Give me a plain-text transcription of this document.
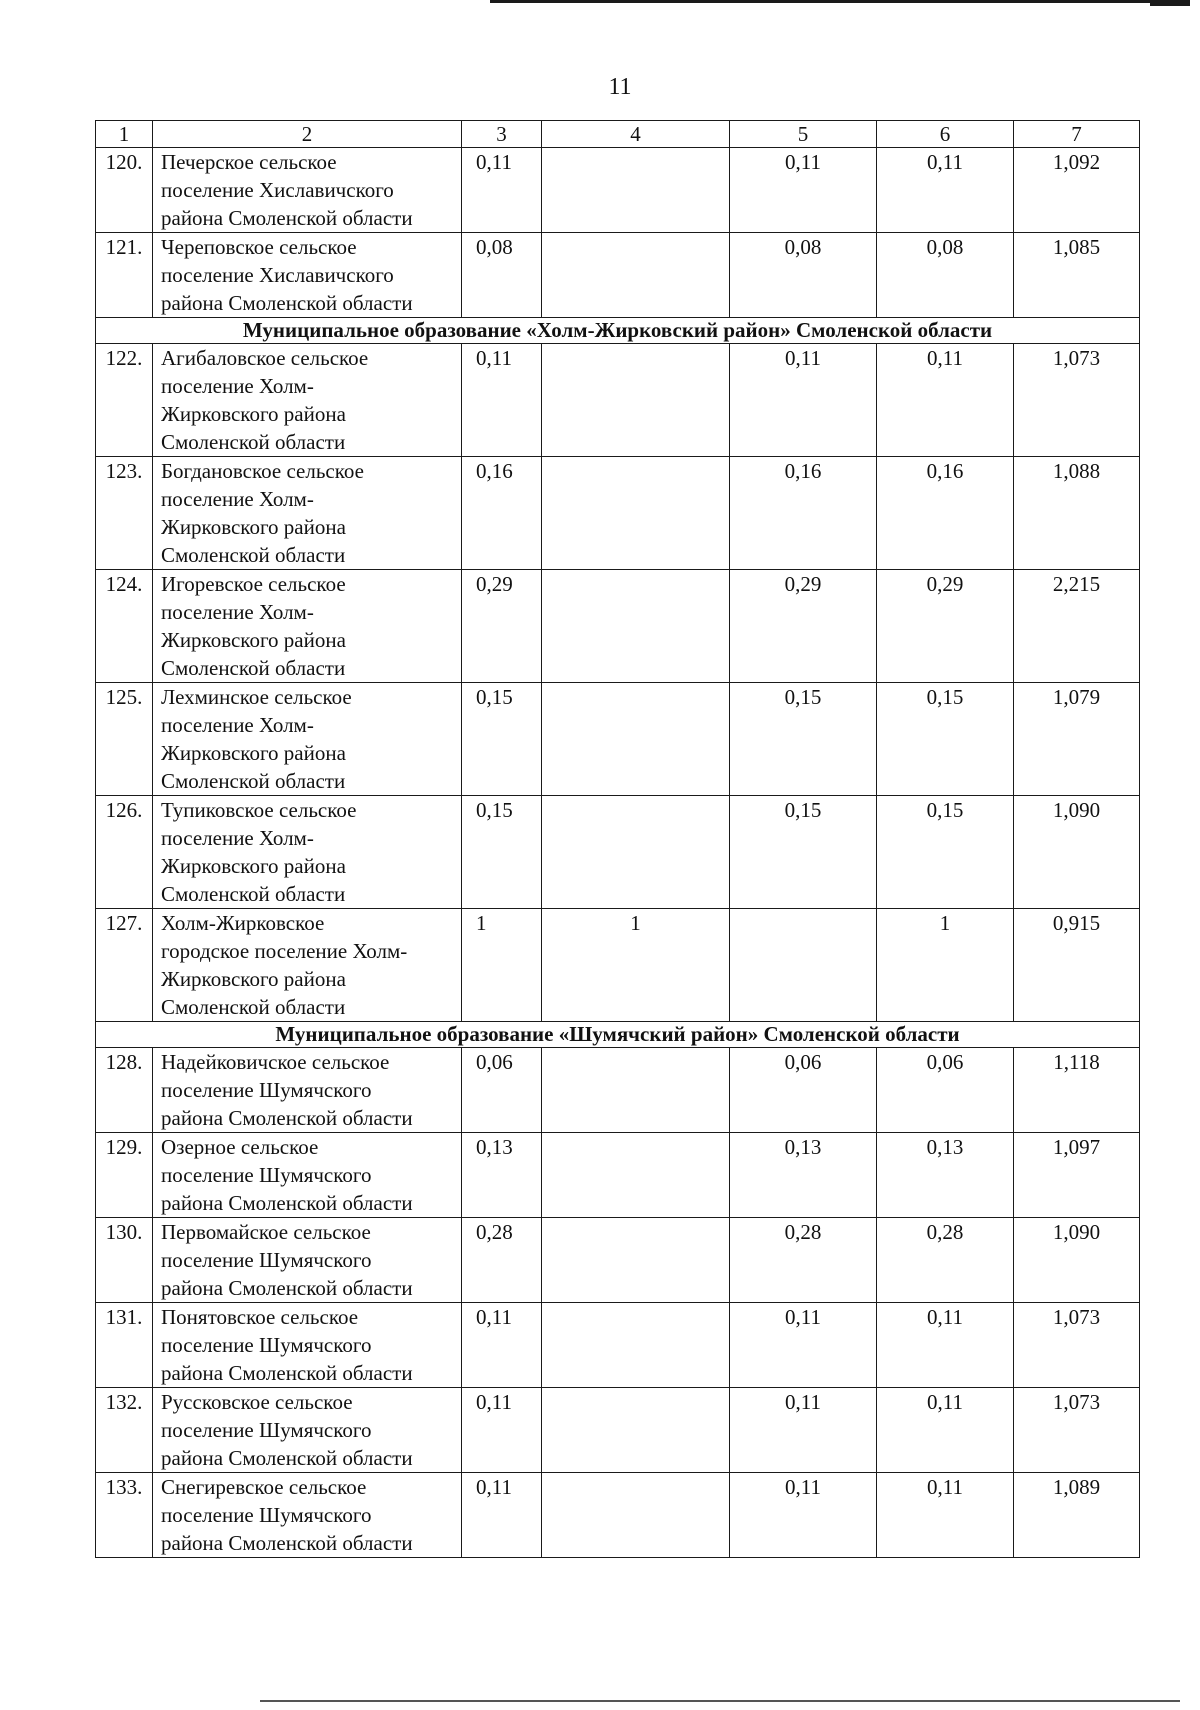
11
1	2	3	4	5	6	7
120.	Печерское сельское
поселение Хиславичского
района Смоленской области	0,11		0,11	0,11	1,092
121.	Череповское сельское
поселение Хиславичского
района Смоленской области	0,08		0,08	0,08	1,085
Муниципальное образование «Холм-Жирковский район» Смоленской области						
122.	Агибаловское сельское
поселение Холм-
Жирковского района
Смоленской области	0,11		0,11	0,11	1,073
123.	Богдановское сельское
поселение Холм-
Жирковского района
Смоленской области	0,16		0,16	0,16	1,088
124.	Игоревское сельское
поселение Холм-
Жирковского района
Смоленской области	0,29		0,29	0,29	2,215
125.	Лехминское сельское
поселение Холм-
Жирковского района
Смоленской области	0,15		0,15	0,15	1,079
126.	Тупиковское сельское
поселение Холм-
Жирковского района
Смоленской области	0,15		0,15	0,15	1,090
127.	Холм-Жирковское
городское поселение Холм-
Жирковского района
Смоленской области	1	1		1	0,915
Муниципальное образование «Шумячский район» Смоленской области						
128.	Надейковичское сельское
поселение Шумячского
района Смоленской области	0,06		0,06	0,06	1,118
129.	Озерное сельское
поселение Шумячского
района Смоленской области	0,13		0,13	0,13	1,097
130.	Первомайское сельское
поселение Шумячского
района Смоленской области	0,28		0,28	0,28	1,090
131.	Понятовское сельское
поселение Шумячского
района Смоленской области	0,11		0,11	0,11	1,073
132.	Руссковское сельское
поселение Шумячского
района Смоленской области	0,11		0,11	0,11	1,073
133.	Снегиревское сельское
поселение Шумячского
района Смоленской области	0,11		0,11	0,11	1,089
